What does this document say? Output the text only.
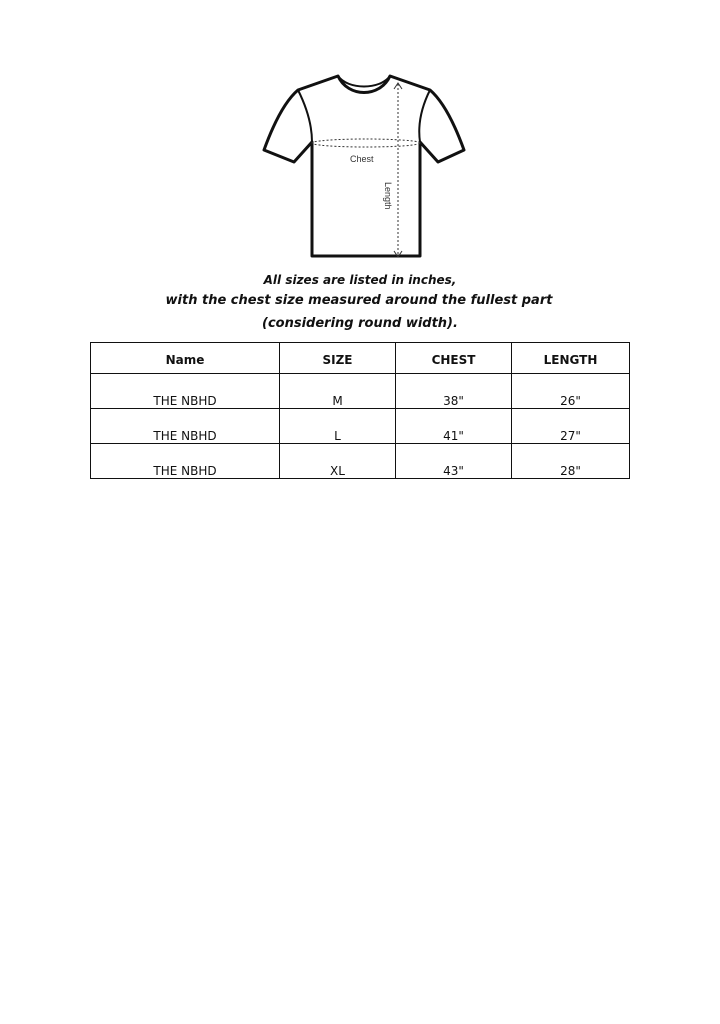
Chest
Length
All sizes are listed in inches,
with the chest size measured around the fullest part
(considering round width).
Name	SIZE	CHEST	LENGTH
THE NBHD	M	38"	26"
THE NBHD	L	41"	27"
THE NBHD	XL	43"	28"
